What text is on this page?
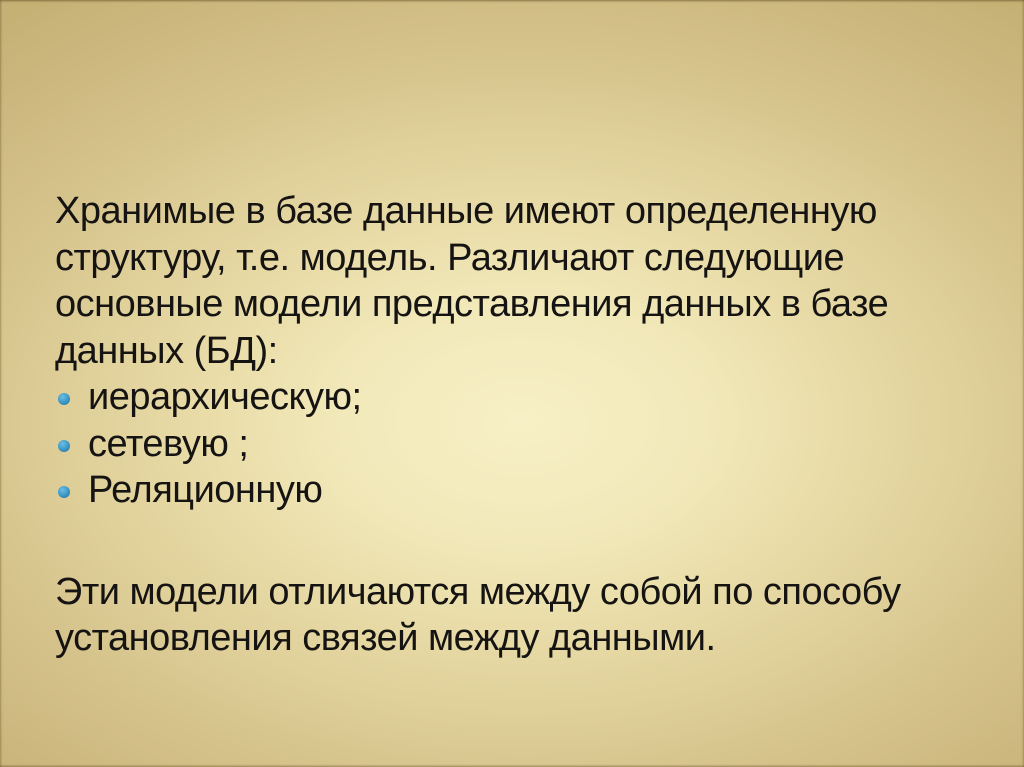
Хранимые в базе данные имеют определенную

структуру, т.е. модель. Различают следующие

основные модели представления данных в базе

данных (БД):

иерархическую;
сетевую ;
Реляционную

Эти модели отличаются между собой по способу

установления связей между данными.
